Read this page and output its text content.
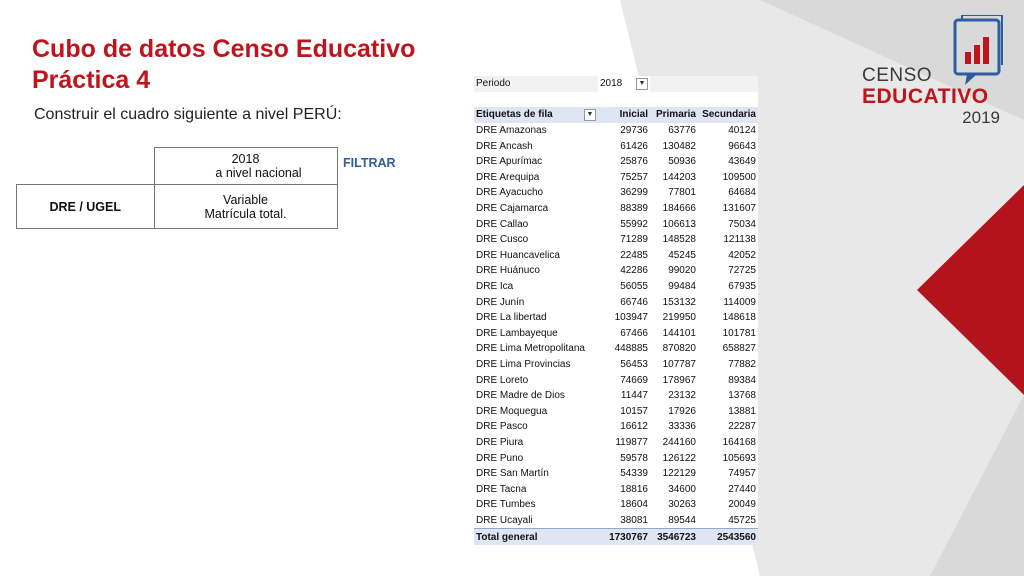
Cubo de datos Censo Educativo
Práctica 4
Construir el cuadro siguiente a nivel PERÚ:

	2018
a nivel nacional

DRE / UGEL	Variable
Matrícula total.
FILTRAR
Periodo	2018 ▼		

Etiquetas de fila ▼	Inicial	Primaria	Secundaria
DRE Amazonas	29736	63776	40124
DRE Ancash	61426	130482	96643
DRE Apurímac	25876	50936	43649
DRE Arequipa	75257	144203	109500
DRE Ayacucho	36299	77801	64684
DRE Cajamarca	88389	184666	131607
DRE Callao	55992	106613	75034
DRE Cusco	71289	148528	121138
DRE Huancavelica	22485	45245	42052
DRE Huánuco	42286	99020	72725
DRE Ica	56055	99484	67935
DRE Junín	66746	153132	114009
DRE La libertad	103947	219950	148618
DRE Lambayeque	67466	144101	101781
DRE Lima Metropolitana	448885	870820	658827
DRE Lima Provincias	56453	107787	77882
DRE Loreto	74669	178967	89384
DRE Madre de Dios	11447	23132	13768
DRE Moquegua	10157	17926	13881
DRE Pasco	16612	33336	22287
DRE Piura	119877	244160	164168
DRE Puno	59578	126122	105693
DRE San Martín	54339	122129	74957
DRE Tacna	18816	34600	27440
DRE Tumbes	18604	30263	20049
DRE Ucayali	38081	89544	45725
Total general	1730767	3546723	2543560
CENSO
EDUCATIVO
2019
